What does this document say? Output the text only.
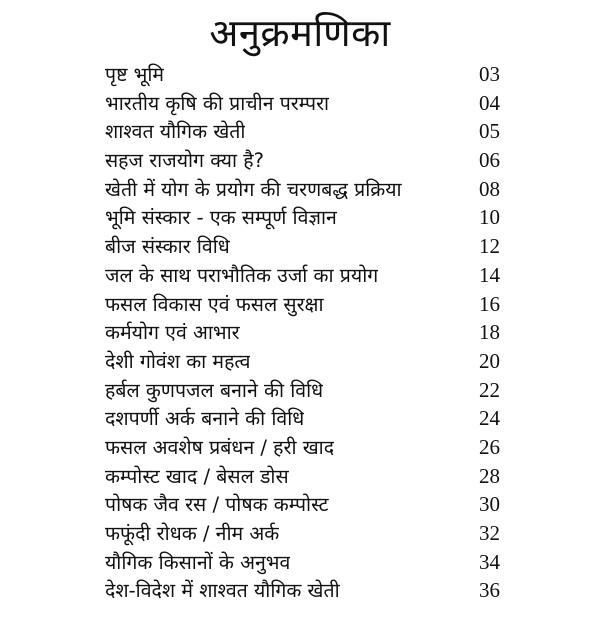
अनुक्रमणिका
पृष्ट भूमि	03
भारतीय कृषि की प्राचीन परम्परा	04
शाश्वत यौगिक खेती	05
सहज राजयोग क्या है?	06
खेती में योग के प्रयोग की चरणबद्ध प्रक्रिया	08
भूमि संस्कार - एक सम्पूर्ण विज्ञान	10
बीज संस्कार विधि	12
जल के साथ पराभौतिक उर्जा का प्रयोग	14
फसल विकास एवं फसल सुरक्षा	16
कर्मयोग एवं आभार	18
देशी गोवंश का महत्व	20
हर्बल कुणपजल बनाने की विधि	22
दशपर्णी अर्क बनाने की विधि	24
फसल अवशेष प्रबंधन / हरी खाद	26
कम्पोस्ट खाद / बेसल डोस	28
पोषक जैव रस / पोषक कम्पोस्ट	30
फफूंदी रोधक / नीम अर्क	32
यौगिक किसानों के अनुभव	34
देश-विदेश में शाश्वत यौगिक खेती	36
